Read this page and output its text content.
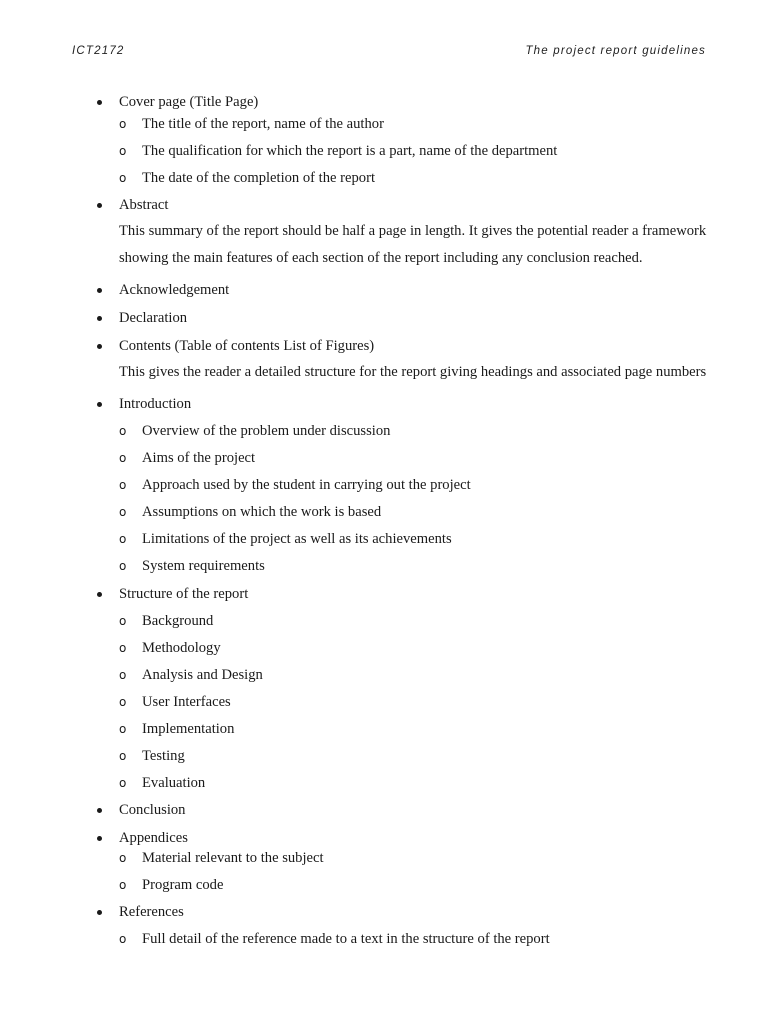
ICT2172	The project report guidelines
Cover page (Title Page)
o The title of the report, name of the author
o The qualification for which the report is a part, name of the department
o The date of the completion of the report
Abstract
This summary of the report should be half a page in length. It gives the potential reader a framework showing the main features of each section of the report including any conclusion reached.
Acknowledgement
Declaration
Contents (Table of contents List of Figures)
This gives the reader a detailed structure for the report giving headings and associated page numbers
Introduction
o Overview of the problem under discussion
o Aims of the project
o Approach used by the student in carrying out the project
o Assumptions on which the work is based
o Limitations of the project as well as its achievements
o System requirements
Structure of the report
o Background
o Methodology
o Analysis and Design
o User Interfaces
o Implementation
o Testing
o Evaluation
Conclusion
Appendices
o Material relevant to the subject
o Program code
References
o Full detail of the reference made to a text in the structure of the report
